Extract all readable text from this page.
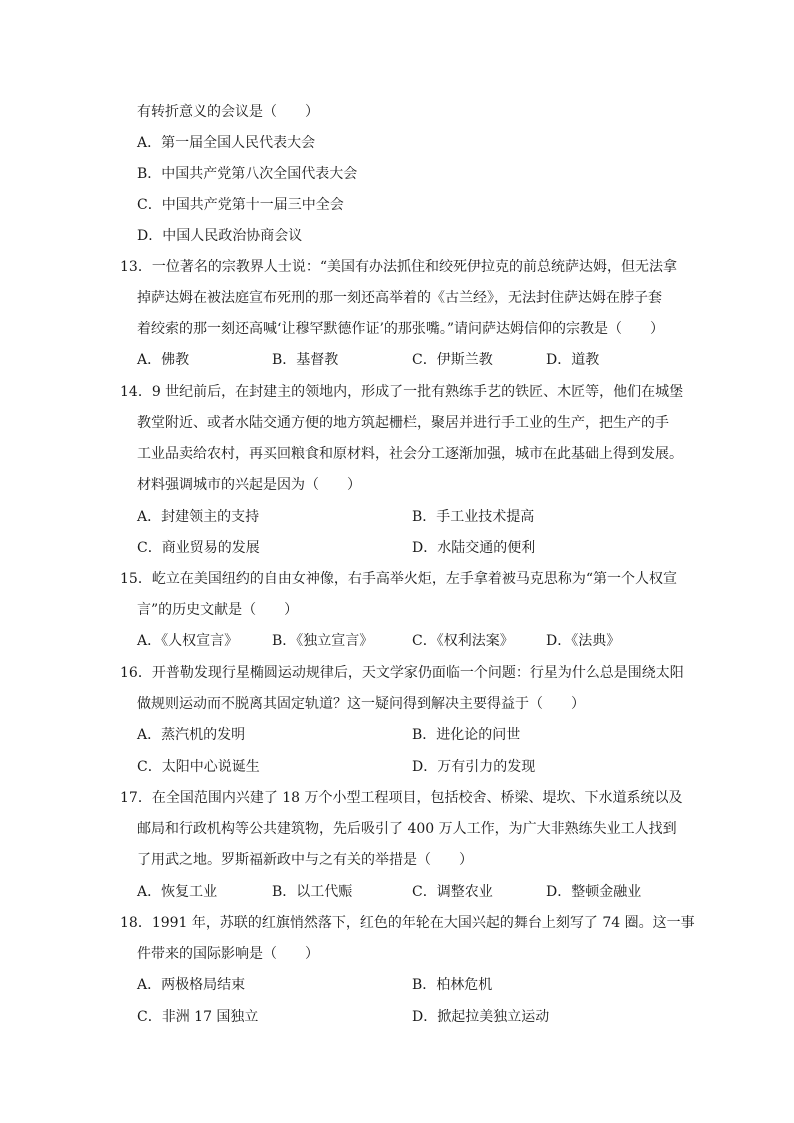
有转折意义的会议是（　　）
A．第一届全国人民代表大会
B．中国共产党第八次全国代表大会
C．中国共产党第十一届三中全会
D．中国人民政治协商会议
13．一位著名的宗教界人士说：“美国有办法抓住和绞死伊拉克的前总统萨达姆，但无法拿
掉萨达姆在被法庭宣布死刑的那一刻还高举着的《古兰经》，无法封住萨达姆在脖子套
着绞索的那一刻还高喊‘让穆罕默德作证’的那张嘴。”请问萨达姆信仰的宗教是（　　）
A．佛教	B．基督教	C．伊斯兰教	D．道教
14．9 世纪前后，在封建主的领地内，形成了一批有熟练手艺的铁匠、木匠等，他们在城堡
教堂附近、或者水陆交通方便的地方筑起栅栏，聚居并进行手工业的生产，把生产的手
工业品卖给农村，再买回粮食和原材料，社会分工逐渐加强，城市在此基础上得到发展。
材料强调城市的兴起是因为（　　）
A．封建领主的支持	B．手工业技术提高
C．商业贸易的发展	D．水陆交通的便利
15．屹立在美国纽约的自由女神像，右手高举火炬，左手拿着被马克思称为“第一个人权宣
言”的历史文献是（　　）
A．《人权宣言》 B．《独立宣言》	C．《权利法案》 D．《法典》
16．开普勒发现行星椭圆运动规律后，天文学家仍面临一个问题：行星为什么总是围绕太阳
做规则运动而不脱离其固定轨道？这一疑问得到解决主要得益于（　　）
A．蒸汽机的发明	B．进化论的问世
C．太阳中心说诞生	D．万有引力的发现
17．在全国范围内兴建了 18 万个小型工程项目，包括校舍、桥梁、堤坎、下水道系统以及
邮局和行政机构等公共建筑物，先后吸引了 400 万人工作，为广大非熟练失业工人找到
了用武之地。罗斯福新政中与之有关的举措是（　　）
A．恢复工业	B．以工代赈	C．调整农业	D．整顿金融业
18．1991 年，苏联的红旗悄然落下，红色的年轮在大国兴起的舞台上刻写了 74 圈。这一事
件带来的国际影响是（　　）
A．两极格局结束	B．柏林危机
C．非洲 17 国独立	D．掀起拉美独立运动
